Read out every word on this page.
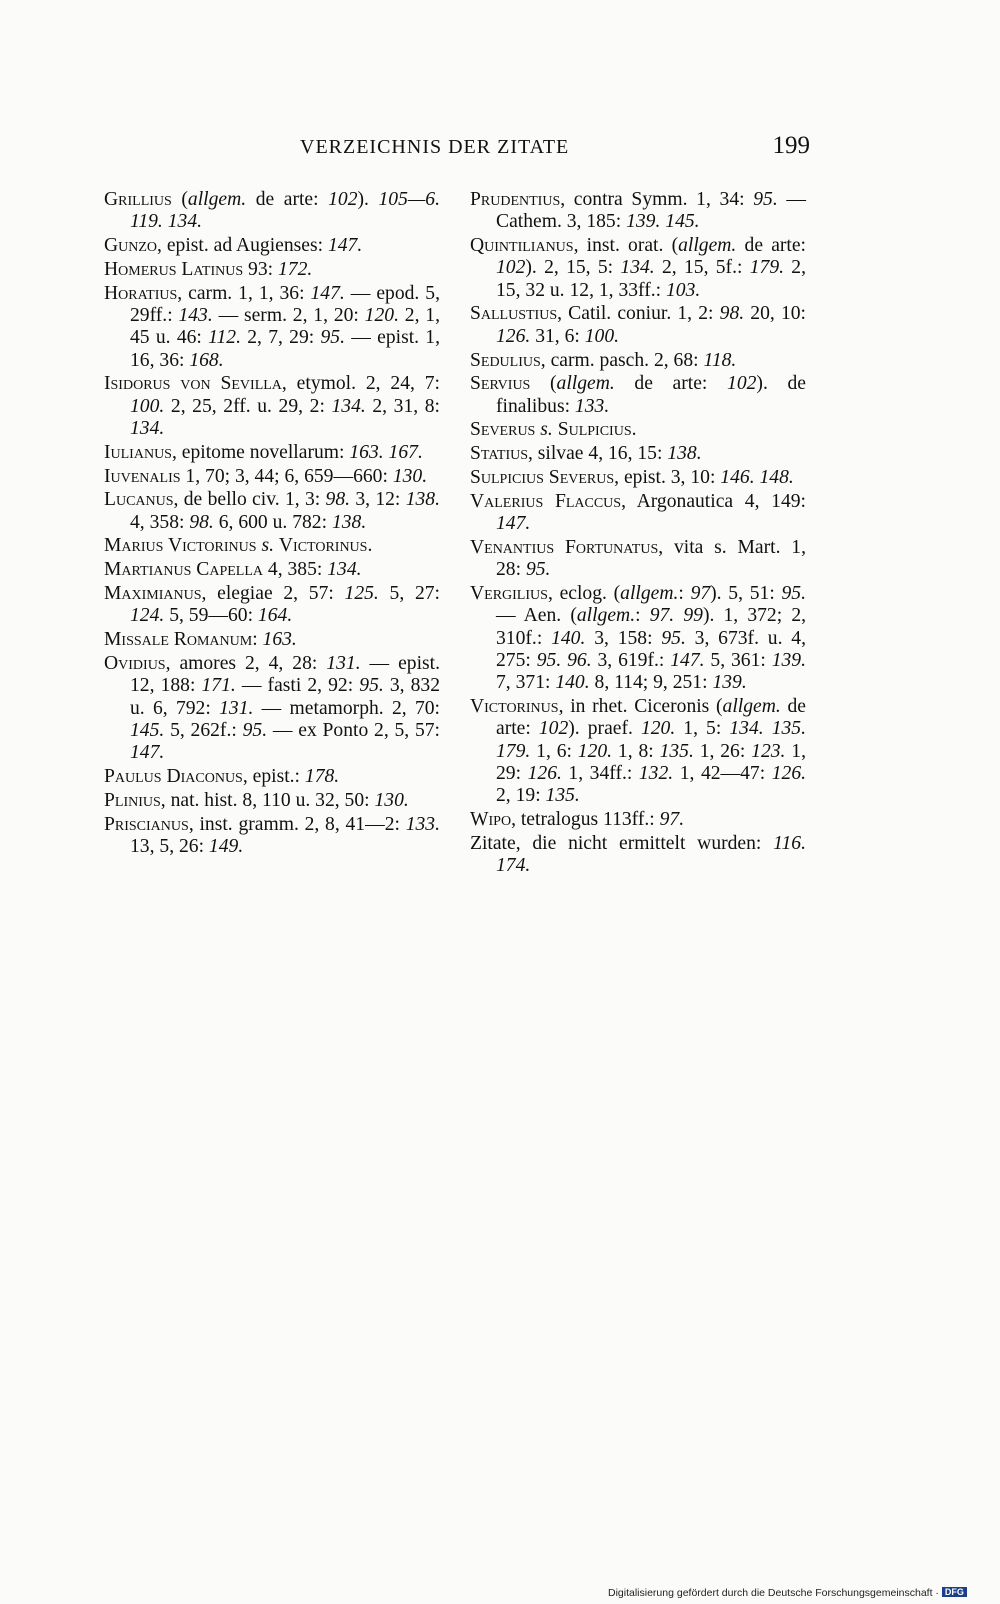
VERZEICHNIS DER ZITATE	199

Grillius (allgem. de arte: 102). 105—6. 119. 134.

Gunzo, epist. ad Augienses: 147.

Homerus Latinus 93: 172.

Horatius, carm. 1, 1, 36: 147. — epod. 5, 29ff.: 143. — serm. 2, 1, 20: 120. 2, 1, 45 u. 46: 112. 2, 7, 29: 95. — epist. 1, 16, 36: 168.

Isidorus von Sevilla, etymol. 2, 24, 7: 100. 2, 25, 2ff. u. 29, 2: 134. 2, 31, 8: 134.

Iulianus, epitome novellarum: 163. 167.

Iuvenalis 1, 70; 3, 44; 6, 659—660: 130.

Lucanus, de bello civ. 1, 3: 98. 3, 12: 138. 4, 358: 98. 6, 600 u. 782: 138.

Marius Victorinus s. Victorinus.

Martianus Capella 4, 385: 134.

Maximianus, elegiae 2, 57: 125. 5, 27: 124. 5, 59—60: 164.

Missale Romanum: 163.

Ovidius, amores 2, 4, 28: 131. — epist. 12, 188: 171. — fasti 2, 92: 95. 3, 832 u. 6, 792: 131. — metamorph. 2, 70: 145. 5, 262f.: 95. — ex Ponto 2, 5, 57: 147.

Paulus Diaconus, epist.: 178.

Plinius, nat. hist. 8, 110 u. 32, 50: 130.

Priscianus, inst. gramm. 2, 8, 41—2: 133. 13, 5, 26: 149.

Prudentius, contra Symm. 1, 34: 95. — Cathem. 3, 185: 139. 145.

Quintilianus, inst. orat. (allgem. de arte: 102). 2, 15, 5: 134. 2, 15, 5f.: 179. 2, 15, 32 u. 12, 1, 33ff.: 103.

Sallustius, Catil. coniur. 1, 2: 98. 20, 10: 126. 31, 6: 100.

Sedulius, carm. pasch. 2, 68: 118.

Servius (allgem. de arte: 102). de finalibus: 133.

Severus s. Sulpicius.

Statius, silvae 4, 16, 15: 138.

Sulpicius Severus, epist. 3, 10: 146. 148.

Valerius Flaccus, Argonautica 4, 149: 147.

Venantius Fortunatus, vita s. Mart. 1, 28: 95.

Vergilius, eclog. (allgem.: 97). 5, 51: 95. — Aen. (allgem.: 97. 99). 1, 372; 2, 310f.: 140. 3, 158: 95. 3, 673f. u. 4, 275: 95. 96. 3, 619f.: 147. 5, 361: 139. 7, 371: 140. 8, 114; 9, 251: 139.

Victorinus, in rhet. Ciceronis (allgem. de arte: 102). praef. 120. 1, 5: 134. 135. 179. 1, 6: 120. 1, 8: 135. 1, 26: 123. 1, 29: 126. 1, 34ff.: 132. 1, 42—47: 126. 2, 19: 135.

Wipo, tetralogus 113ff.: 97.

Zitate, die nicht ermittelt wurden: 116. 174.

Digitalisierung gefördert durch die Deutsche Forschungsgemeinschaft · DFG
